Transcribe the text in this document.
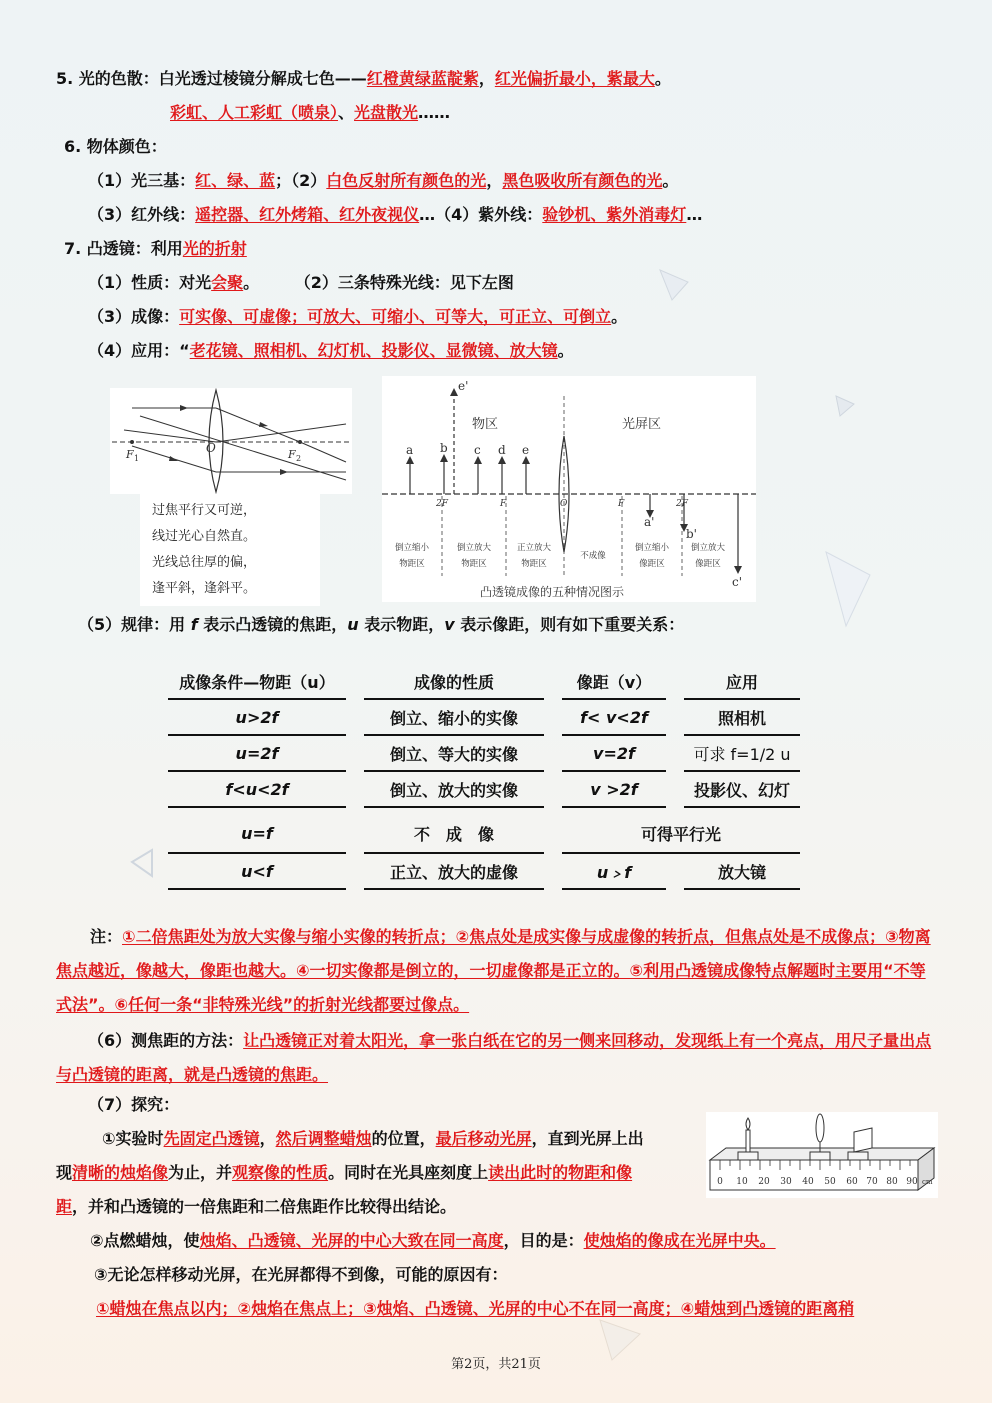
5. 光的色散：白光透过棱镜分解成七色——红橙黄绿蓝靛紫，红光偏折最小，紫最大。
彩虹、人工彩虹（喷泉）、光盘散光……
6. 物体颜色：
（1）光三基：红、绿、蓝；（2）白色反射所有颜色的光，黑色吸收所有颜色的光。
（3）红外线：遥控器、红外烤箱、红外夜视仪…（4）紫外线：验钞机、紫外消毒灯…
7. 凸透镜：利用光的折射
（1）性质：对光会聚。 （2）三条特殊光线：见下左图
（3）成像：可实像、可虚像；可放大、可缩小、可等大，可正立、可倒立。
（4）应用：“老花镜、照相机、幻灯机、投影仪、显微镜、放大镜。
F 1
O	F 2
过焦平行又可逆，
线过光心自然直。
光线总往厚的偏，
逢平斜，逢斜平。
a b c d e
e'
a'
b'
c'
2F	F	O	F	2F
物区	光屏区
倒立缩小
物距区
倒立放大
物距区
正立放大
物距区
不成像
倒立缩小
像距区
倒立放大
像距区
凸透镜成像的五种情况图示
（5）规律：用 f 表示凸透镜的焦距，u 表示物距，v 表示像距，则有如下重要关系：
成像条件—物距（u）	成像的性质	像距（v）	应用
u>2f	倒立、缩小的实像	f< v<2f	照相机
u=2f	倒立、等大的实像	v=2f	可求 f=1/2 u
f<u<2f	倒立、放大的实像	v >2f	投影仪、幻灯
u=f	不　成　像	可得平行光	
u<f	正立、放大的虚像	u﹥f	放大镜
注：①二倍焦距处为放大实像与缩小实像的转折点；②焦点处是成实像与成虚像的转折点，但焦点处是不成像点；③物离焦点越近，像越大，像距也越大。④一切实像都是倒立的，一切虚像都是正立的。⑤利用凸透镜成像特点解题时主要用“不等式法”。⑥任何一条“非特殊光线”的折射光线都要过像点。
（6）测焦距的方法：让凸透镜正对着太阳光，拿一张白纸在它的另一侧来回移动，发现纸上有一个亮点，用尺子量出点与凸透镜的距离，就是凸透镜的焦距。
（7）探究：
①实验时先固定凸透镜，然后调整蜡烛的位置，最后移动光屏，直到光屏上出
现清晰的烛焰像为止，并观察像的性质。同时在光具座刻度上读出此时的物距和像
距，并和凸透镜的一倍焦距和二倍焦距作比较得出结论。
0 10 20 30 40 50 60 70 80 90 cm
②点燃蜡烛，使烛焰、凸透镜、光屏的中心大致在同一高度，目的是：使烛焰的像成在光屏中央。
③无论怎样移动光屏，在光屏都得不到像，可能的原因有：
①蜡烛在焦点以内；②烛焰在焦点上；③烛焰、凸透镜、光屏的中心不在同一高度；④蜡烛到凸透镜的距离稍
第2页，共21页
